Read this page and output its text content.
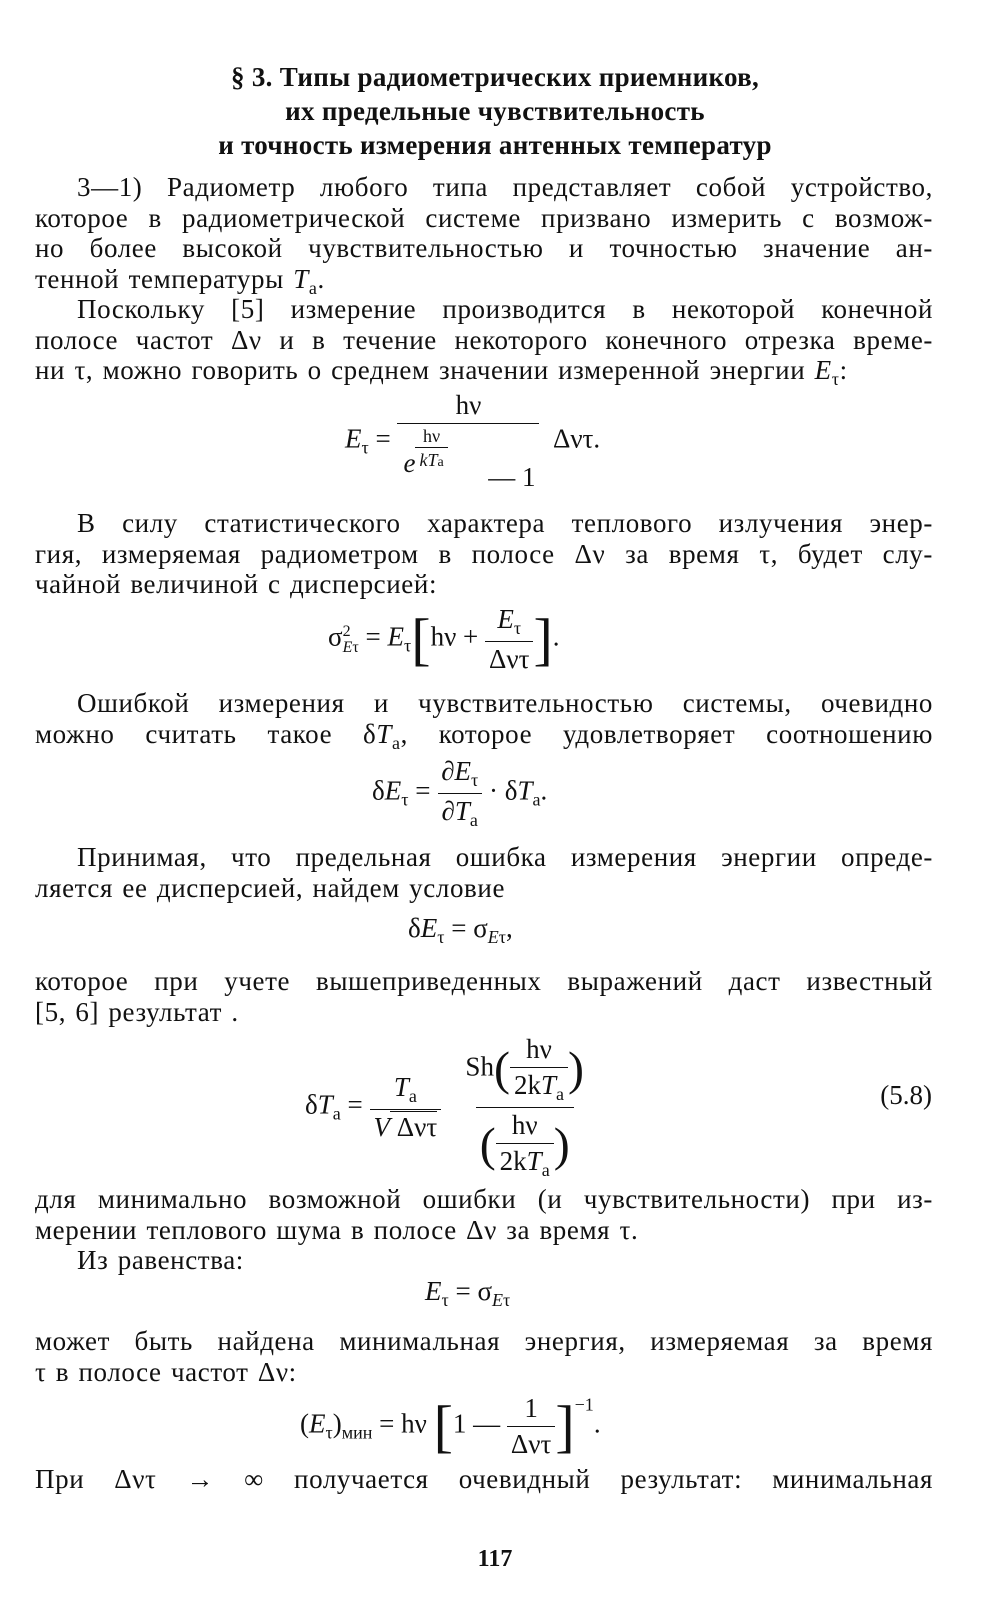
§ 3. Типы радиометрических приемников,
их предельные чувствительность
и точность измерения антенных температур
3—1) Радиометр любого типа представляет собой устройство,
которое в радиометрической системе призвано измерить с возмож-
но более высокой чувствительностью и точностью значение ан-
тенной температуры $T_a$.
Поскольку [5] измерение производится в некоторой конечной
полосе частот Δν и в течение некоторого конечного отрезка време-
ни τ, можно говорить о среднем значении измеренной энергии $E_\tau$:
$E_\tau$ =
hν
e
hν
kTa — 1
Δντ.
В силу статистического характера теплового излучения энер-
гия, измеряемая радиометром в полосе Δν за время τ, будет слу-
чайной величиной с дисперсией:
σ 2
$E\tau = E_\tau[h\nu + \frac{E_\tau}{\text{Δντ}}$ ].
Ошибкой измерения и чувствительностью системы, очевидно
можно считать такое $\delta T_a$, которое удовлетворяет соотношению
$\delta E_\tau = \frac{\partial E_\tau}{\partial T_a} \cdot \delta T_a$.
Принимая, что предельная ошибка измерения энергии опреде-
ляется ее дисперсией, найдем условие
$\delta E_\tau = \sigma_{E\tau}$,
которое при учете вышеприведенных выражений даст известный
[5, 6] результат .
$\delta T_a = \frac{T_a}{\text{V Δντ}}$
$\frac{Sh( \frac{h\nu}{2kT_a} )}{( \frac{h\nu}{2kT_a} )}$	(5.8)
для минимально возможной ошибки (и чувствительности) при из-
мерении теплового шума в полосе Δν за время τ.
Из равенства:
$E_\tau = \sigma_{E\tau}$
может быть найдена минимальная энергия, измеряемая за время
τ в полосе частот Δν:
$(E_\tau)_{мин} = h\nu$ [1 — $\frac{1}{\text{Δντ}} ]^{-1}$.
При Δντ → ∞ получается очевидный результат: минимальная
117
